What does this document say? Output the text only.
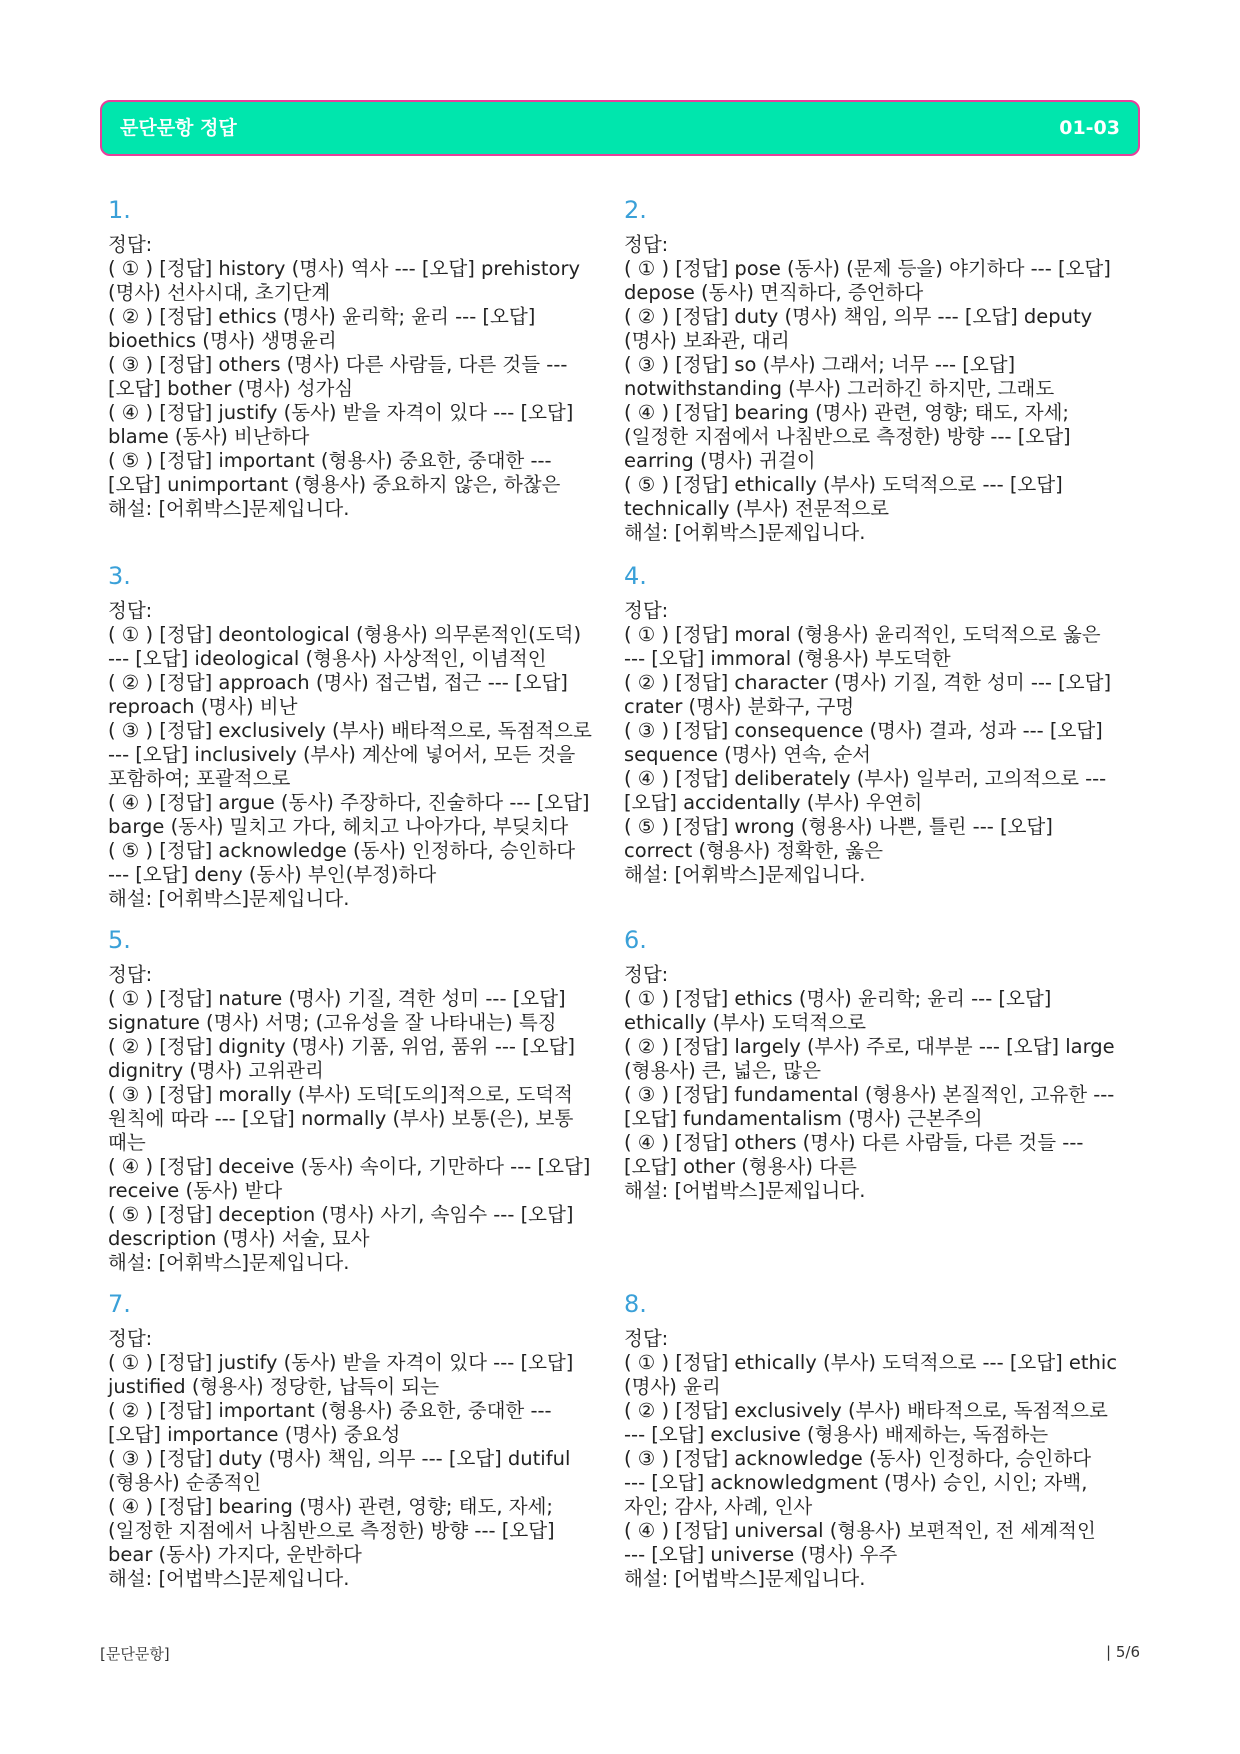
문단문항 정답	01-03
1.
정답:
( ① ) [정답] history (명사) 역사 --- [오답] prehistory
(명사) 선사시대, 초기단계
( ② ) [정답] ethics (명사) 윤리학; 윤리 --- [오답]
bioethics (명사) 생명윤리
( ③ ) [정답] others (명사) 다른 사람들, 다른 것들 ---
[오답] bother (명사) 성가심
( ④ ) [정답] justify (동사) 받을 자격이 있다 --- [오답]
blame (동사) 비난하다
( ⑤ ) [정답] important (형용사) 중요한, 중대한 ---
[오답] unimportant (형용사) 중요하지 않은, 하찮은
해설: [어휘박스]문제입니다.
2.
정답:
( ① ) [정답] pose (동사) (문제 등을) 야기하다 --- [오답]
depose (동사) 면직하다, 증언하다
( ② ) [정답] duty (명사) 책임, 의무 --- [오답] deputy
(명사) 보좌관, 대리
( ③ ) [정답] so (부사) 그래서; 너무 --- [오답]
notwithstanding (부사) 그러하긴 하지만, 그래도
( ④ ) [정답] bearing (명사) 관련, 영향; 태도, 자세;
(일정한 지점에서 나침반으로 측정한) 방향 --- [오답]
earring (명사) 귀걸이
( ⑤ ) [정답] ethically (부사) 도덕적으로 --- [오답]
technically (부사) 전문적으로
해설: [어휘박스]문제입니다.
3.
정답:
( ① ) [정답] deontological (형용사) 의무론적인(도덕)
--- [오답] ideological (형용사) 사상적인, 이념적인
( ② ) [정답] approach (명사) 접근법, 접근 --- [오답]
reproach (명사) 비난
( ③ ) [정답] exclusively (부사) 배타적으로, 독점적으로
--- [오답] inclusively (부사) 계산에 넣어서, 모든 것을
포함하여; 포괄적으로
( ④ ) [정답] argue (동사) 주장하다, 진술하다 --- [오답]
barge (동사) 밀치고 가다, 헤치고 나아가다, 부딪치다
( ⑤ ) [정답] acknowledge (동사) 인정하다, 승인하다
--- [오답] deny (동사) 부인(부정)하다
해설: [어휘박스]문제입니다.
4.
정답:
( ① ) [정답] moral (형용사) 윤리적인, 도덕적으로 옳은
--- [오답] immoral (형용사) 부도덕한
( ② ) [정답] character (명사) 기질, 격한 성미 --- [오답]
crater (명사) 분화구, 구멍
( ③ ) [정답] consequence (명사) 결과, 성과 --- [오답]
sequence (명사) 연속, 순서
( ④ ) [정답] deliberately (부사) 일부러, 고의적으로 ---
[오답] accidentally (부사) 우연히
( ⑤ ) [정답] wrong (형용사) 나쁜, 틀린 --- [오답]
correct (형용사) 정확한, 옳은
해설: [어휘박스]문제입니다.
5.
정답:
( ① ) [정답] nature (명사) 기질, 격한 성미 --- [오답]
signature (명사) 서명; (고유성을 잘 나타내는) 특징
( ② ) [정답] dignity (명사) 기품, 위엄, 품위 --- [오답]
dignitry (명사) 고위관리
( ③ ) [정답] morally (부사) 도덕[도의]적으로, 도덕적
원칙에 따라 --- [오답] normally (부사) 보통(은), 보통
때는
( ④ ) [정답] deceive (동사) 속이다, 기만하다 --- [오답]
receive (동사) 받다
( ⑤ ) [정답] deception (명사) 사기, 속임수 --- [오답]
description (명사) 서술, 묘사
해설: [어휘박스]문제입니다.
6.
정답:
( ① ) [정답] ethics (명사) 윤리학; 윤리 --- [오답]
ethically (부사) 도덕적으로
( ② ) [정답] largely (부사) 주로, 대부분 --- [오답] large
(형용사) 큰, 넓은, 많은
( ③ ) [정답] fundamental (형용사) 본질적인, 고유한 ---
[오답] fundamentalism (명사) 근본주의
( ④ ) [정답] others (명사) 다른 사람들, 다른 것들 ---
[오답] other (형용사) 다른
해설: [어법박스]문제입니다.
7.
정답:
( ① ) [정답] justify (동사) 받을 자격이 있다 --- [오답]
justified (형용사) 정당한, 납득이 되는
( ② ) [정답] important (형용사) 중요한, 중대한 ---
[오답] importance (명사) 중요성
( ③ ) [정답] duty (명사) 책임, 의무 --- [오답] dutiful
(형용사) 순종적인
( ④ ) [정답] bearing (명사) 관련, 영향; 태도, 자세;
(일정한 지점에서 나침반으로 측정한) 방향 --- [오답]
bear (동사) 가지다, 운반하다
해설: [어법박스]문제입니다.
8.
정답:
( ① ) [정답] ethically (부사) 도덕적으로 --- [오답] ethic
(명사) 윤리
( ② ) [정답] exclusively (부사) 배타적으로, 독점적으로
--- [오답] exclusive (형용사) 배제하는, 독점하는
( ③ ) [정답] acknowledge (동사) 인정하다, 승인하다
--- [오답] acknowledgment (명사) 승인, 시인; 자백,
자인; 감사, 사례, 인사
( ④ ) [정답] universal (형용사) 보편적인, 전 세계적인
--- [오답] universe (명사) 우주
해설: [어법박스]문제입니다.
[문단문항]	| 5/6
